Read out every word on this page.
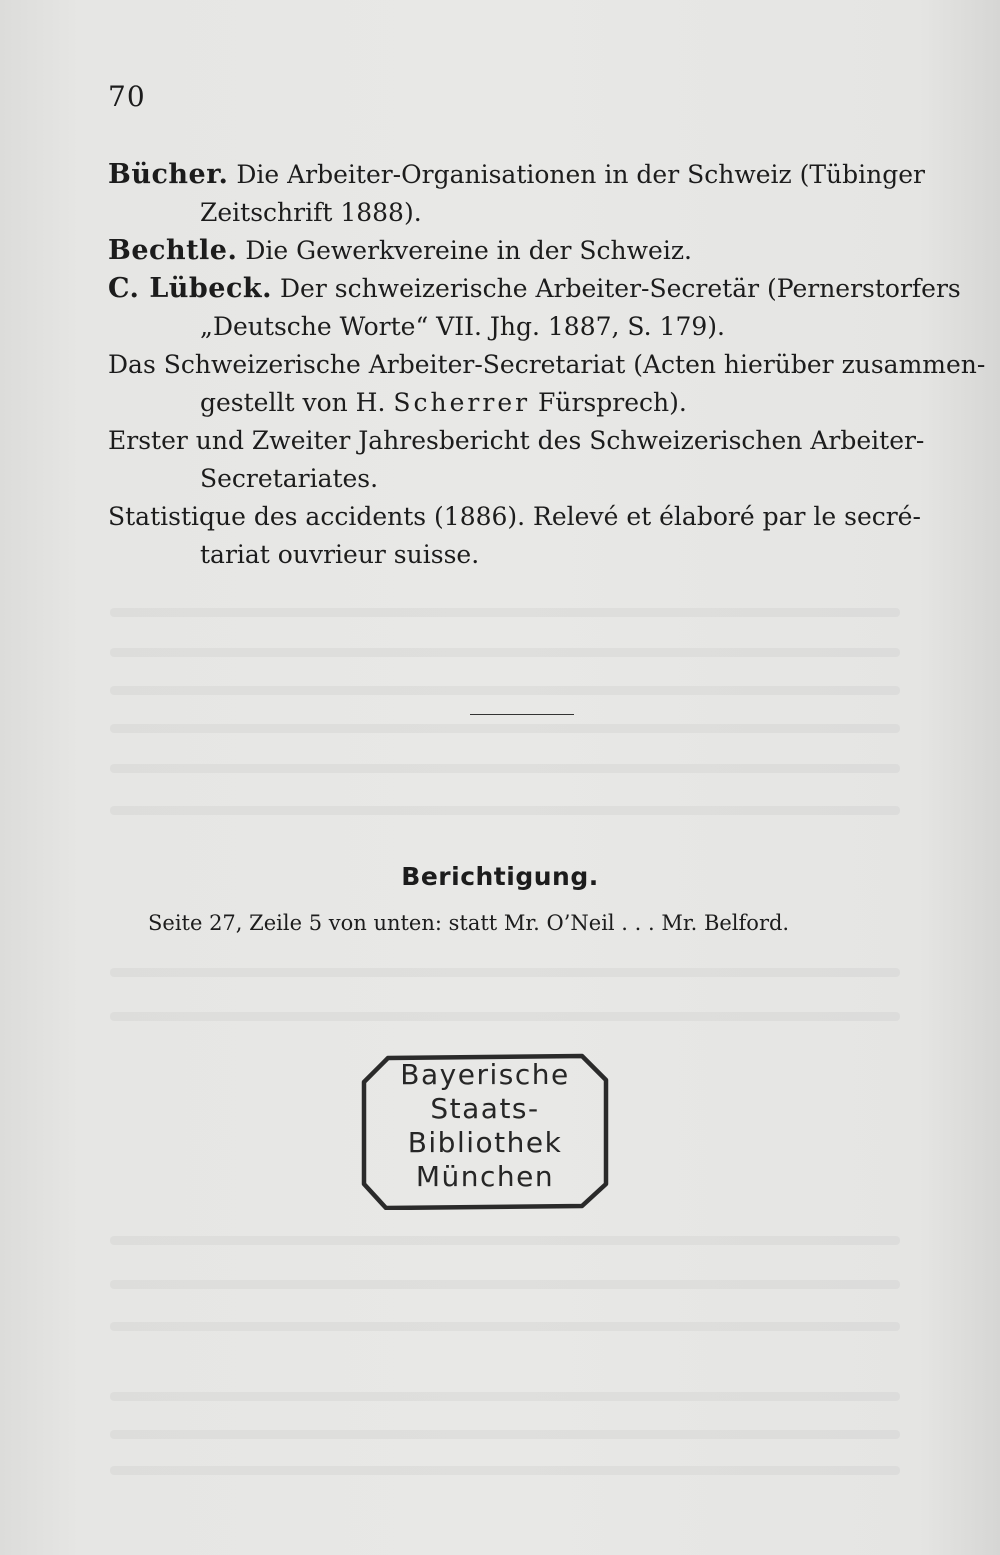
70
Bücher. Die Arbeiter-Organisationen in der Schweiz (Tübinger
Zeitschrift 1888).
Bechtle. Die Gewerkvereine in der Schweiz.
C. Lübeck. Der schweizerische Arbeiter-Secretär (Pernerstorfers
„Deutsche Worte“ VII. Jhg. 1887, S. 179).
Das Schweizerische Arbeiter-Secretariat (Acten hierüber zusammen-
gestellt von H. Scherrer Fürsprech).
Erster und Zweiter Jahresbericht des Schweizerischen Arbeiter-
Secretariates.
Statistique des accidents (1886). Relevé et élaboré par le secré-
tariat ouvrieur suisse.
Berichtigung.
Seite 27, Zeile 5 von unten: statt Mr. O’Neil . . . Mr. Belford.
Bayerische
Staats-
Bibliothek
München
